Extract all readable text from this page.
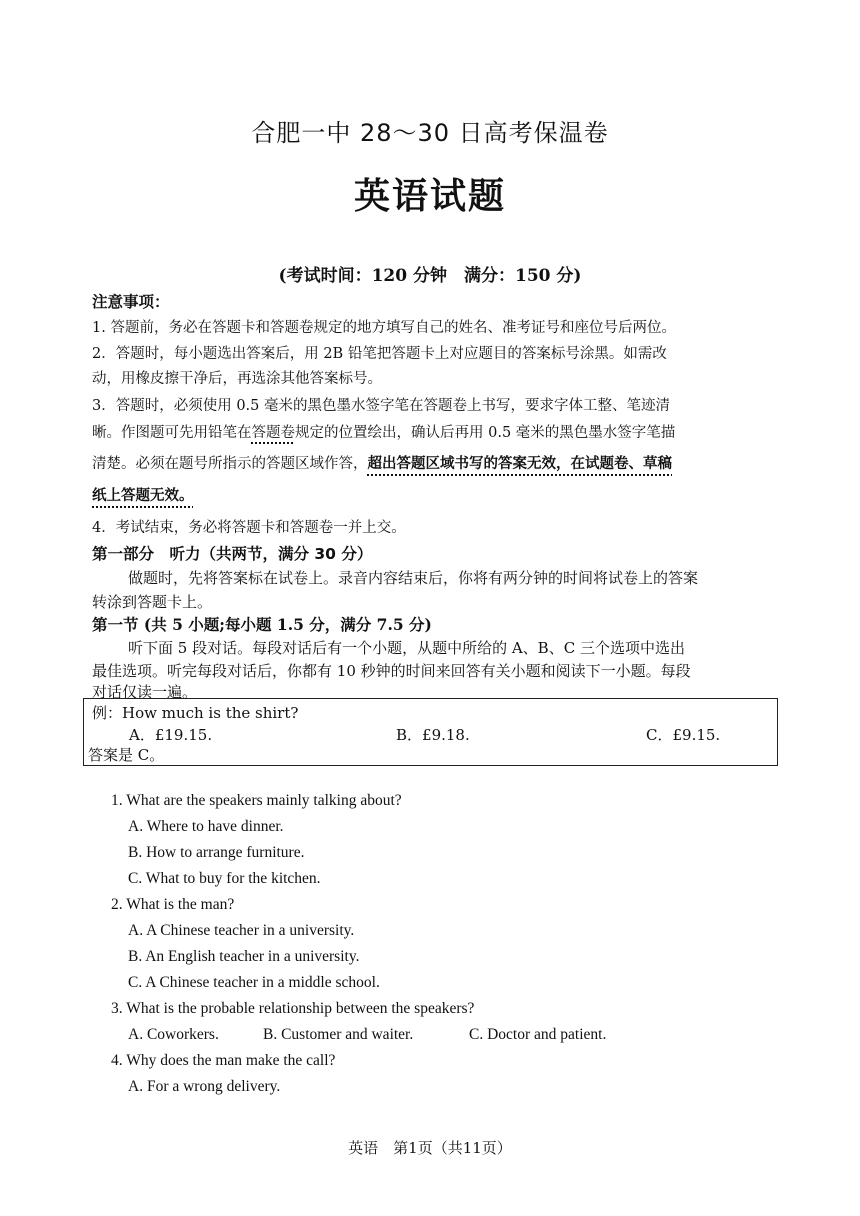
合肥一中 28～30 日高考保温卷
英语试题
(考试时间：120 分钟　满分：150 分)
注意事项：
1. 答题前，务必在答题卡和答题卷规定的地方填写自己的姓名、准考证号和座位号后两位。
2．答题时，每小题选出答案后，用 2B 铅笔把答题卡上对应题目的答案标号涂黑。如需改
动，用橡皮擦干净后，再选涂其他答案标号。
3．答题时，必须使用 0.5 毫米的黑色墨水签字笔在答题卷上书写，要求字体工整、笔迹清
晰。作图题可先用铅笔在答题卷规定的位置绘出，确认后再用 0.5 毫米的黑色墨水签字笔描
清楚。必须在题号所指示的答题区域作答，超出答题区域书写的答案无效，在试题卷、草稿
纸上答题无效。
4．考试结束，务必将答题卡和答题卷一并上交。
第一部分　听力（共两节，满分 30 分）
做题时，先将答案标在试卷上。录音内容结束后，你将有两分钟的时间将试卷上的答案
转涂到答题卡上。
第一节 (共 5 小题;每小题 1.5 分，满分 7.5 分)
听下面 5 段对话。每段对话后有一个小题，从题中所给的 A、B、C 三个选项中选出
最佳选项。听完每段对话后，你都有 10 秒钟的时间来回答有关小题和阅读下一小题。每段
对话仅读一遍。
例：How much is the shirt?
A．£19.15.	B．£9.18.	C．£9.15.
答案是 C。
1. What are the speakers mainly talking about?
A. Where to have dinner.
B. How to arrange furniture.
C. What to buy for the kitchen.
2. What is the man?
A. A Chinese teacher in a university.
B. An English teacher in a university.
C. A Chinese teacher in a middle school.
3. What is the probable relationship between the speakers?
A. Coworkers.	B. Customer and waiter.	C. Doctor and patient.
4. Why does the man make the call?
A. For a wrong delivery.
英语　第1页（共11页）
